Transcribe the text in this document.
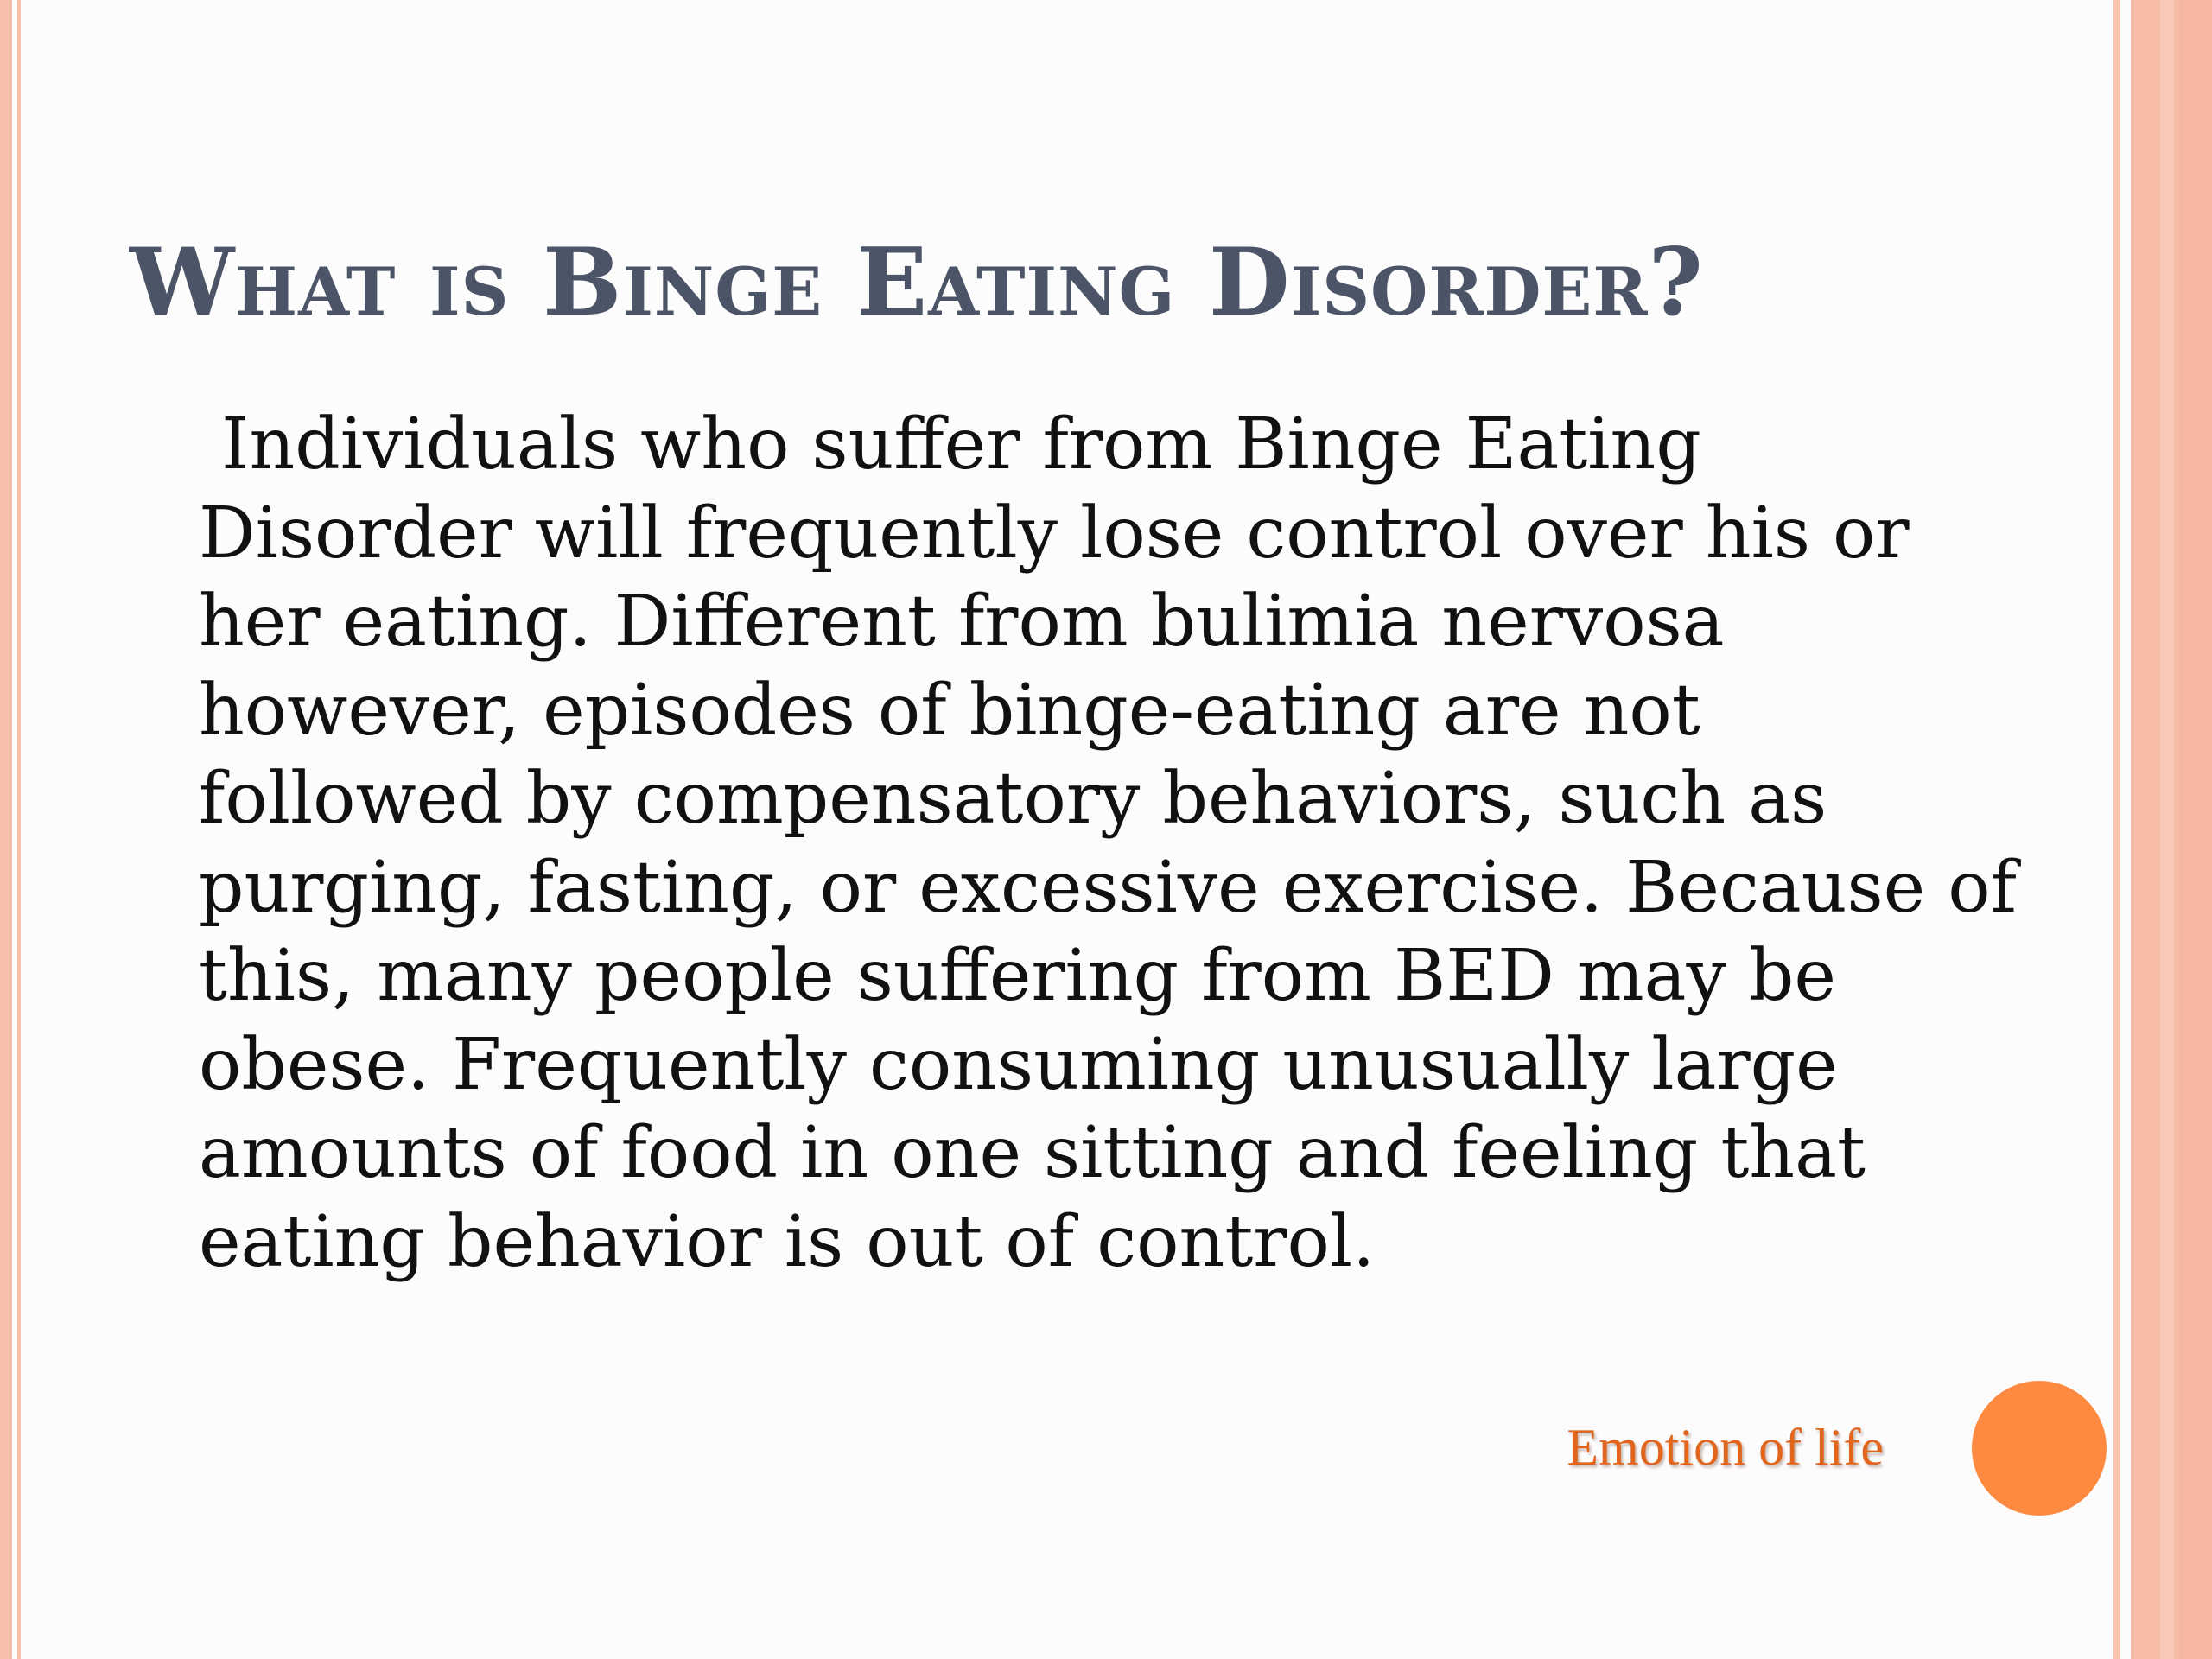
What is Binge Eating Disorder?
Individuals who suffer from Binge Eating
Disorder will frequently lose control over his or
her eating. Different from bulimia nervosa
however, episodes of binge-eating are not
followed by compensatory behaviors, such as
purging, fasting, or excessive exercise. Because of
this, many people suffering from BED may be
obese. Frequently consuming unusually large
amounts of food in one sitting and feeling that
eating behavior is out of control.
Emotion of life
